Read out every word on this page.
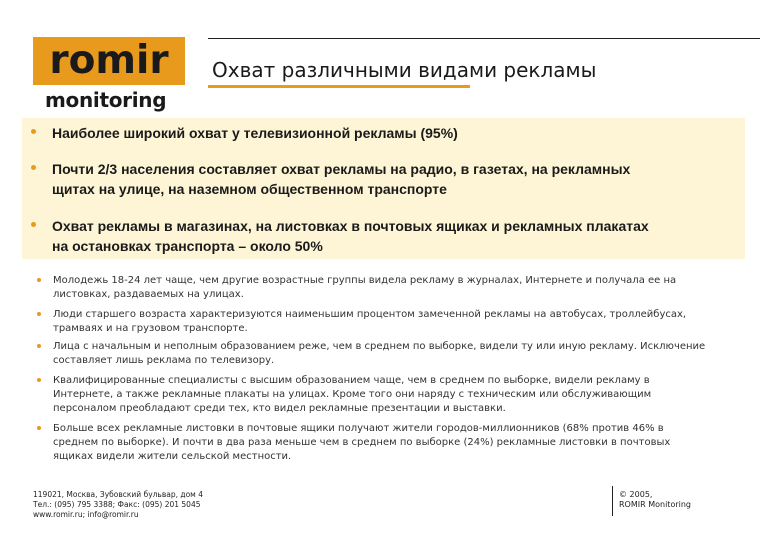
romir
monitoring
Охват различными видами рекламы
Наиболее широкий охват у телевизионной рекламы (95%)
Почти 2/3 населения составляет охват рекламы на радио, в газетах, на рекламных
щитах на улице, на наземном общественном транспорте
Охват рекламы в магазинах, на листовках в почтовых ящиках и рекламных плакатах
на остановках транспорта – около 50%
Молодежь 18-24 лет чаще, чем другие возрастные группы видела рекламу в журналах, Интернете и получала ее на
листовках, раздаваемых на улицах.
Люди старшего возраста характеризуются наименьшим процентом замеченной рекламы на автобусах, троллейбусах,
трамваях и на грузовом транспорте.
Лица с начальным и неполным образованием реже, чем в среднем по выборке, видели ту или иную рекламу. Исключение
составляет лишь реклама по телевизору.
Квалифицированные специалисты с высшим образованием чаще, чем в среднем по выборке, видели рекламу в
Интернете, а также рекламные плакаты на улицах. Кроме того они наряду с техническим или обслуживающим
персоналом преобладают среди тех, кто видел рекламные презентации и выставки.
Больше всех рекламные листовки в почтовые ящики получают жители городов-миллионников (68% против 46% в
среднем по выборке). И почти в два раза меньше чем в среднем по выборке (24%) рекламные листовки в почтовых
ящиках видели жители сельской местности.
119021, Москва, Зубовский бульвар, дом 4
Тел.: (095) 795 3388; Факс: (095) 201 5045
www.romir.ru; info@romir.ru
© 2005,
ROMIR Monitoring
